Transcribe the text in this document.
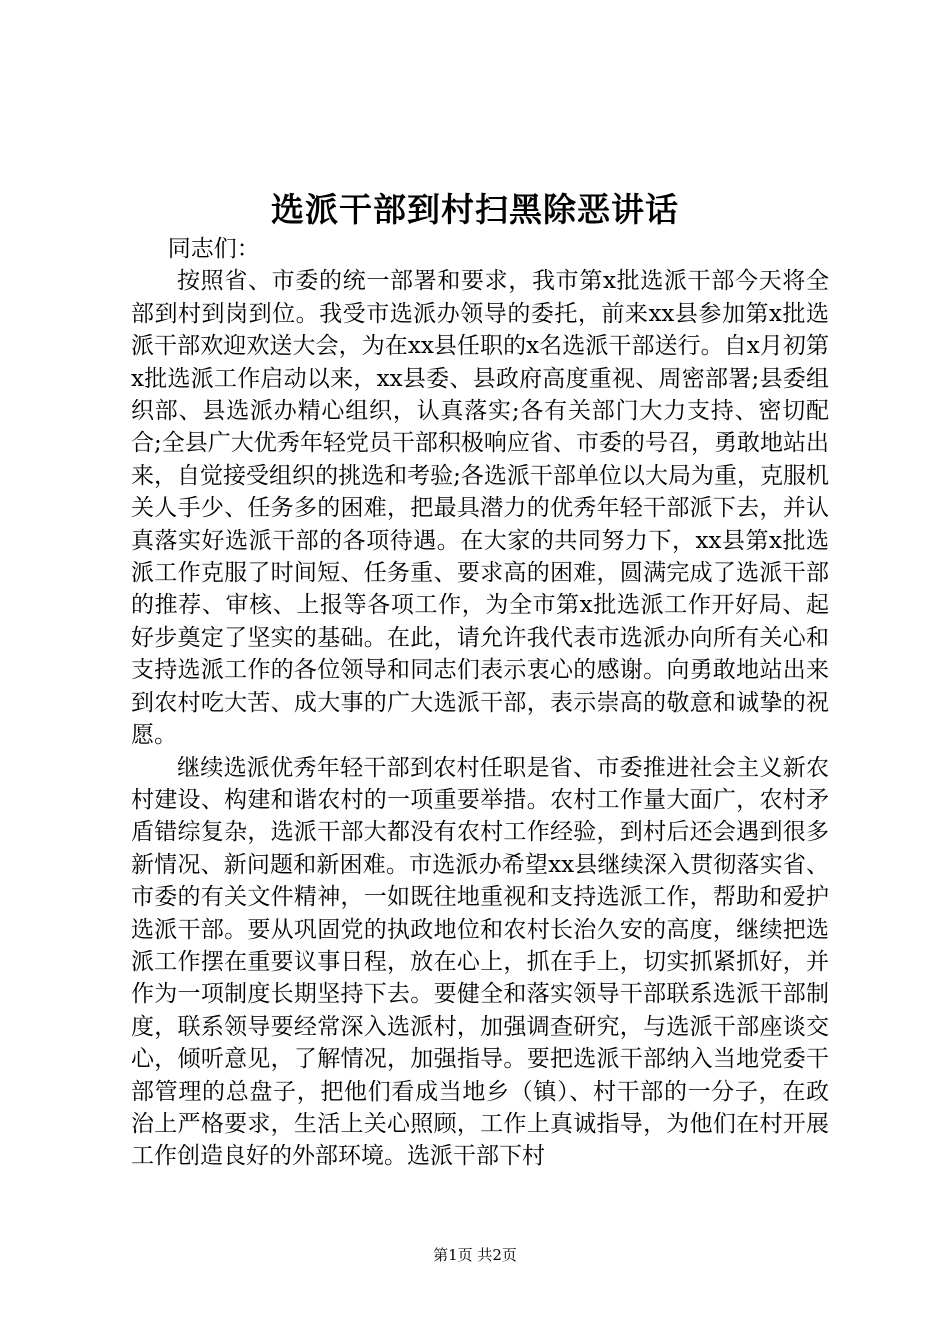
选派干部到村扫黑除恶讲话

同志们：

按照省、市委的统一部署和要求，我市第x批选派干部今天将全部到村到岗到位。我受市选派办领导的委托，前来xx县参加第x批选派干部欢迎欢送大会，为在xx县任职的x名选派干部送行。自x月初第x批选派工作启动以来，xx县委、县政府高度重视、周密部署;县委组织部、县选派办精心组织，认真落实;各有关部门大力支持、密切配合;全县广大优秀年轻党员干部积极响应省、市委的号召，勇敢地站出来，自觉接受组织的挑选和考验;各选派干部单位以大局为重，克服机关人手少、任务多的困难，把最具潜力的优秀年轻干部派下去，并认真落实好选派干部的各项待遇。在大家的共同努力下，xx县第x批选派工作克服了时间短、任务重、要求高的困难，圆满完成了选派干部的推荐、审核、上报等各项工作，为全市第x批选派工作开好局、起好步奠定了坚实的基础。在此，请允许我代表市选派办向所有关心和支持选派工作的各位领导和同志们表示衷心的感谢。向勇敢地站出来到农村吃大苦、成大事的广大选派干部，表示崇高的敬意和诚挚的祝愿。

继续选派优秀年轻干部到农村任职是省、市委推进社会主义新农村建设、构建和谐农村的一项重要举措。农村工作量大面广，农村矛盾错综复杂，选派干部大都没有农村工作经验，到村后还会遇到很多新情况、新问题和新困难。市选派办希望xx县继续深入贯彻落实省、市委的有关文件精神，一如既往地重视和支持选派工作，帮助和爱护选派干部。要从巩固党的执政地位和农村长治久安的高度，继续把选派工作摆在重要议事日程，放在心上，抓在手上，切实抓紧抓好，并作为一项制度长期坚持下去。要健全和落实领导干部联系选派干部制度，联系领导要经常深入选派村，加强调查研究，与选派干部座谈交心，倾听意见，了解情况，加强指导。要把选派干部纳入当地党委干部管理的总盘子，把他们看成当地乡（镇）、村干部的一分子，在政治上严格要求，生活上关心照顾，工作上真诚指导，为他们在村开展工作创造良好的外部环境。选派干部下村

第1页 共2页
